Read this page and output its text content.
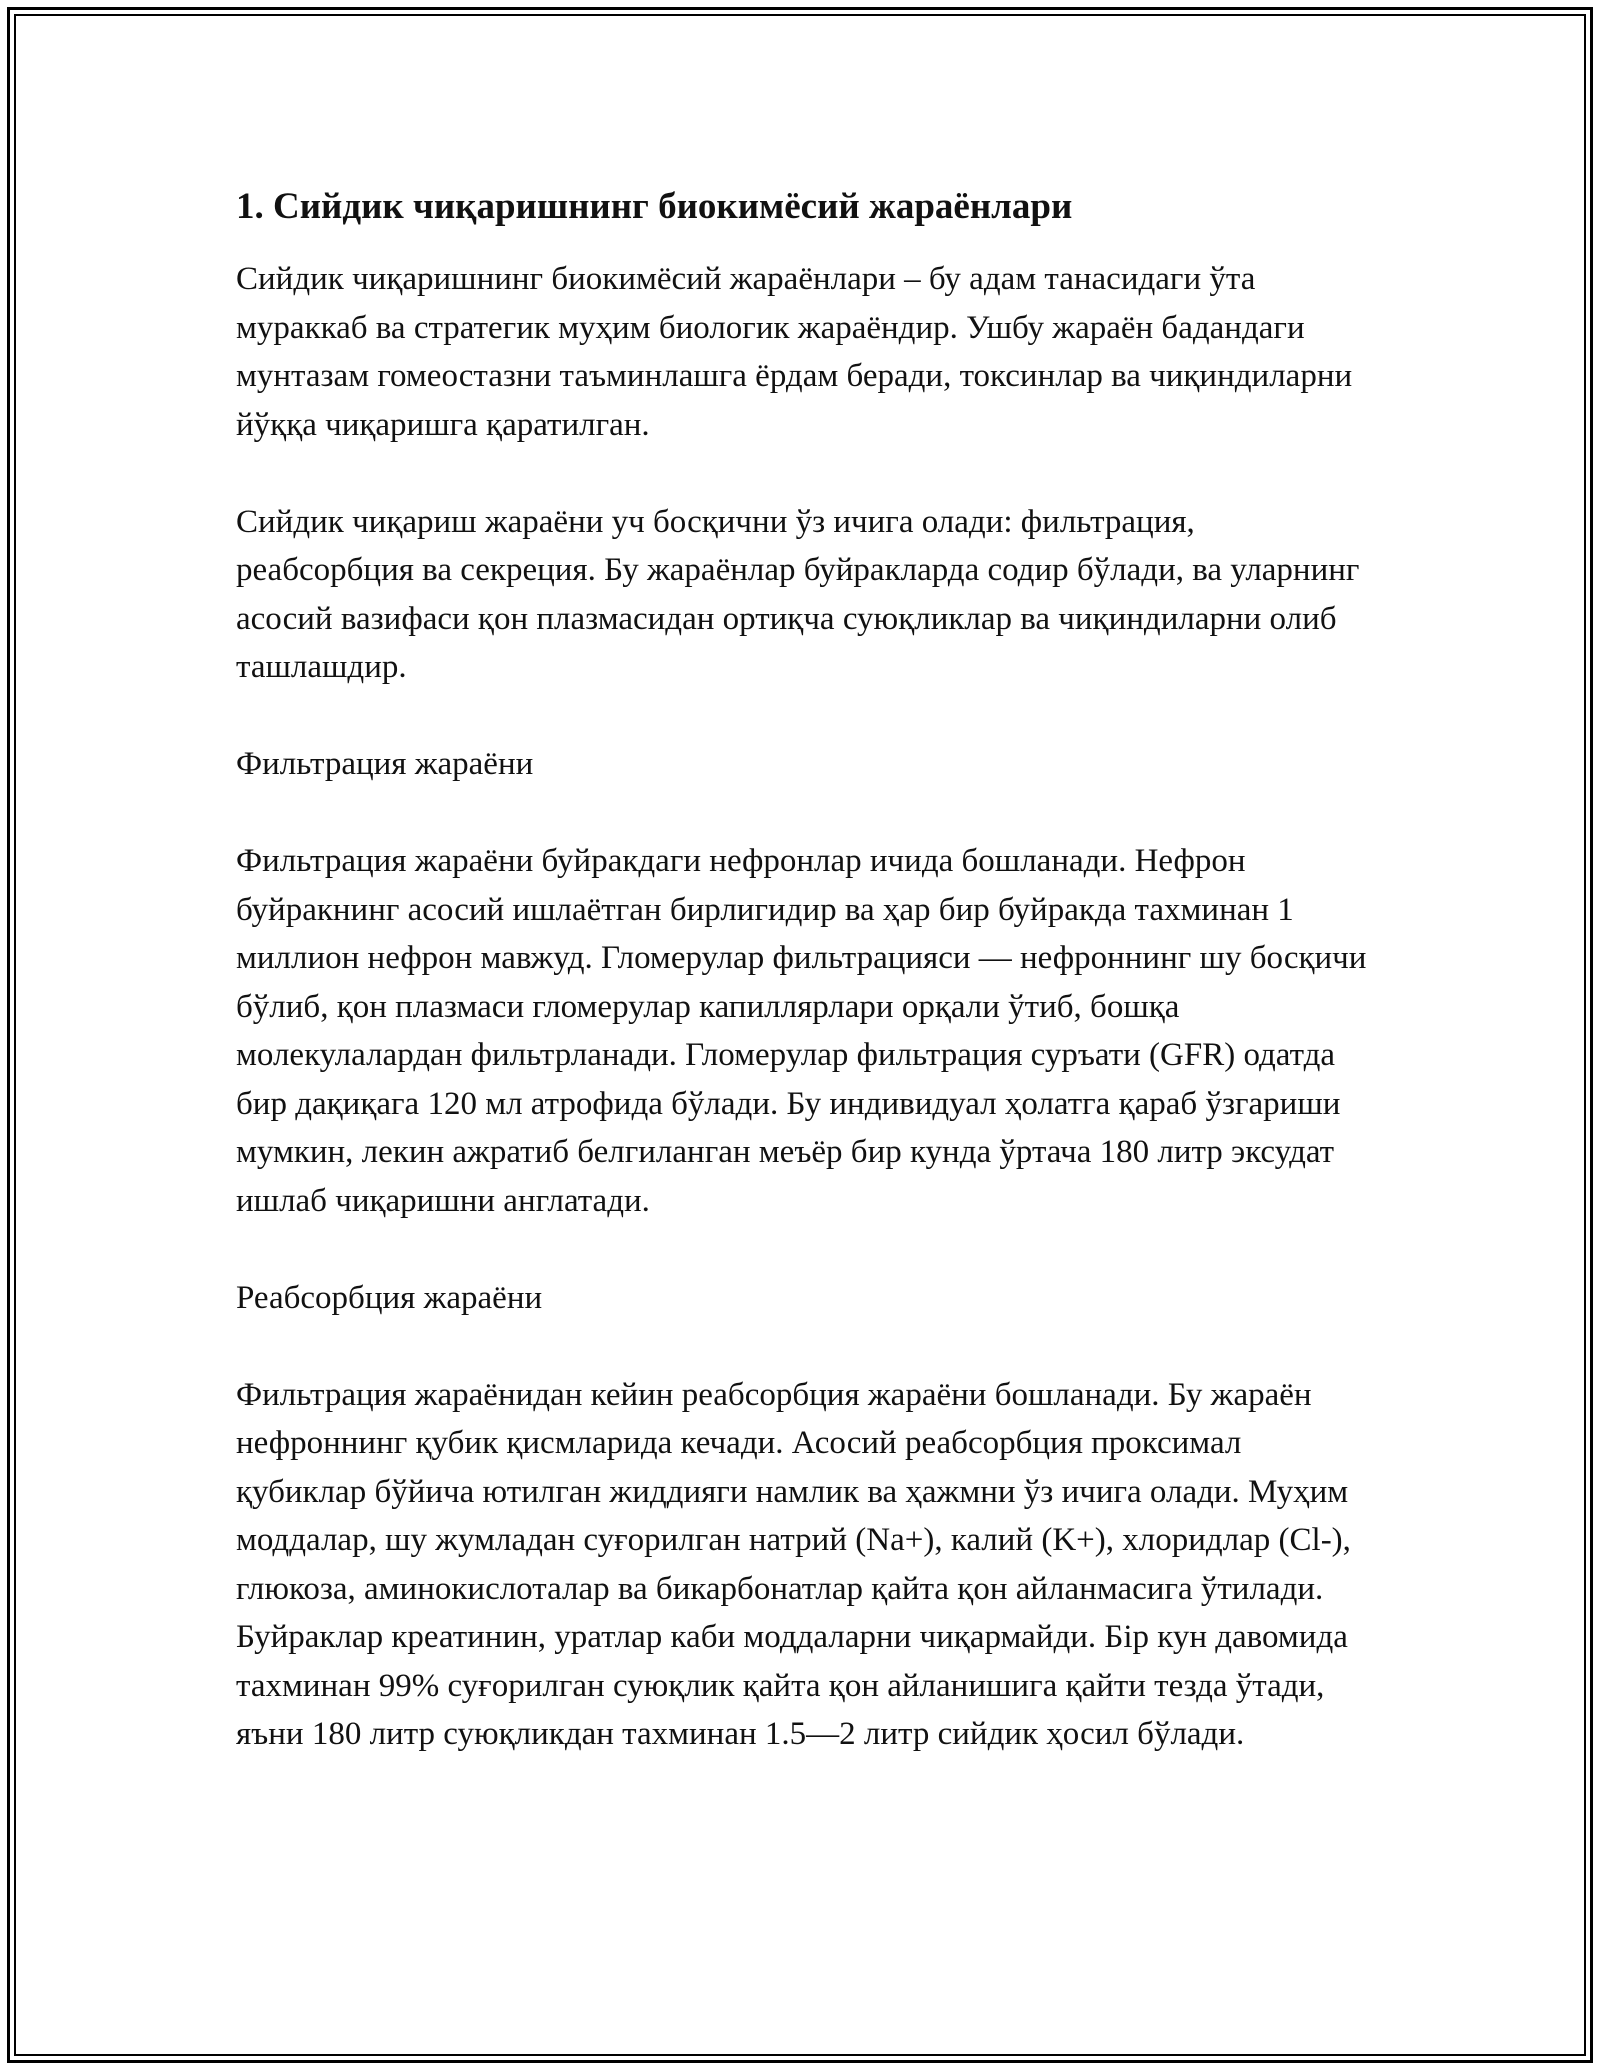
1. Сийдик чиқаришнинг биокимёсий жараёнлари

Сийдик чиқаришнинг биокимёсий жараёнлари – бу адам танасидаги ўта мураккаб ва стратегик муҳим биологик жараёндир. Ушбу жараён бадандаги мунтазам гомеостазни таъминлашга ёрдам беради, токсинлар ва чиқиндиларни йўққа чиқаришга қаратилган.

Сийдик чиқариш жараёни уч босқични ўз ичига олади: фильтрация, реабсорбция ва секреция. Бу жараёнлар буйракларда содир бўлади, ва уларнинг асосий вазифаси қон плазмасидан ортиқча суюқликлар ва чиқиндиларни олиб ташлашдир.

Фильтрация жараёни

Фильтрация жараёни буйракдаги нефронлар ичида бошланади. Нефрон буйракнинг асосий ишлаётган бирлигидир ва ҳар бир буйракда тахминан 1 миллион нефрон мавжуд. Гломерулар фильтрацияси — нефроннинг шу босқичи бўлиб, қон плазмаси гломерулар капиллярлари орқали ўтиб, бошқа молекулалардан фильтрланади. Гломерулар фильтрация суръати (GFR) одатда бир дақиқага 120 мл атрофида бўлади. Бу индивидуал ҳолатга қараб ўзгариши мумкин, лекин ажратиб белгиланган меъёр бир кунда ўртача 180 литр эксудат ишлаб чиқаришни англатади.

Реабсорбция жараёни

Фильтрация жараёнидан кейин реабсорбция жараёни бошланади. Бу жараён нефроннинг қубик қисмларида кечади. Асосий реабсорбция проксимал қубиклар бўйича ютилган жиддияги намлик ва ҳажмни ўз ичига олади. Муҳим моддалар, шу жумладан суғорилган натрий (Na+), калий (K+), хлоридлар (Cl-), глюкоза, аминокислоталар ва бикарбонатлар қайта қон айланмасига ўтилади. Буйраклар креатинин, уратлар каби моддаларни чиқармайди. Бір кун давомида тахминан 99% суғорилган суюқлик қайта қон айланишига қайти тезда ўтади, яъни 180 литр суюқликдан тахминан 1.5—2 литр сийдик ҳосил бўлади.
